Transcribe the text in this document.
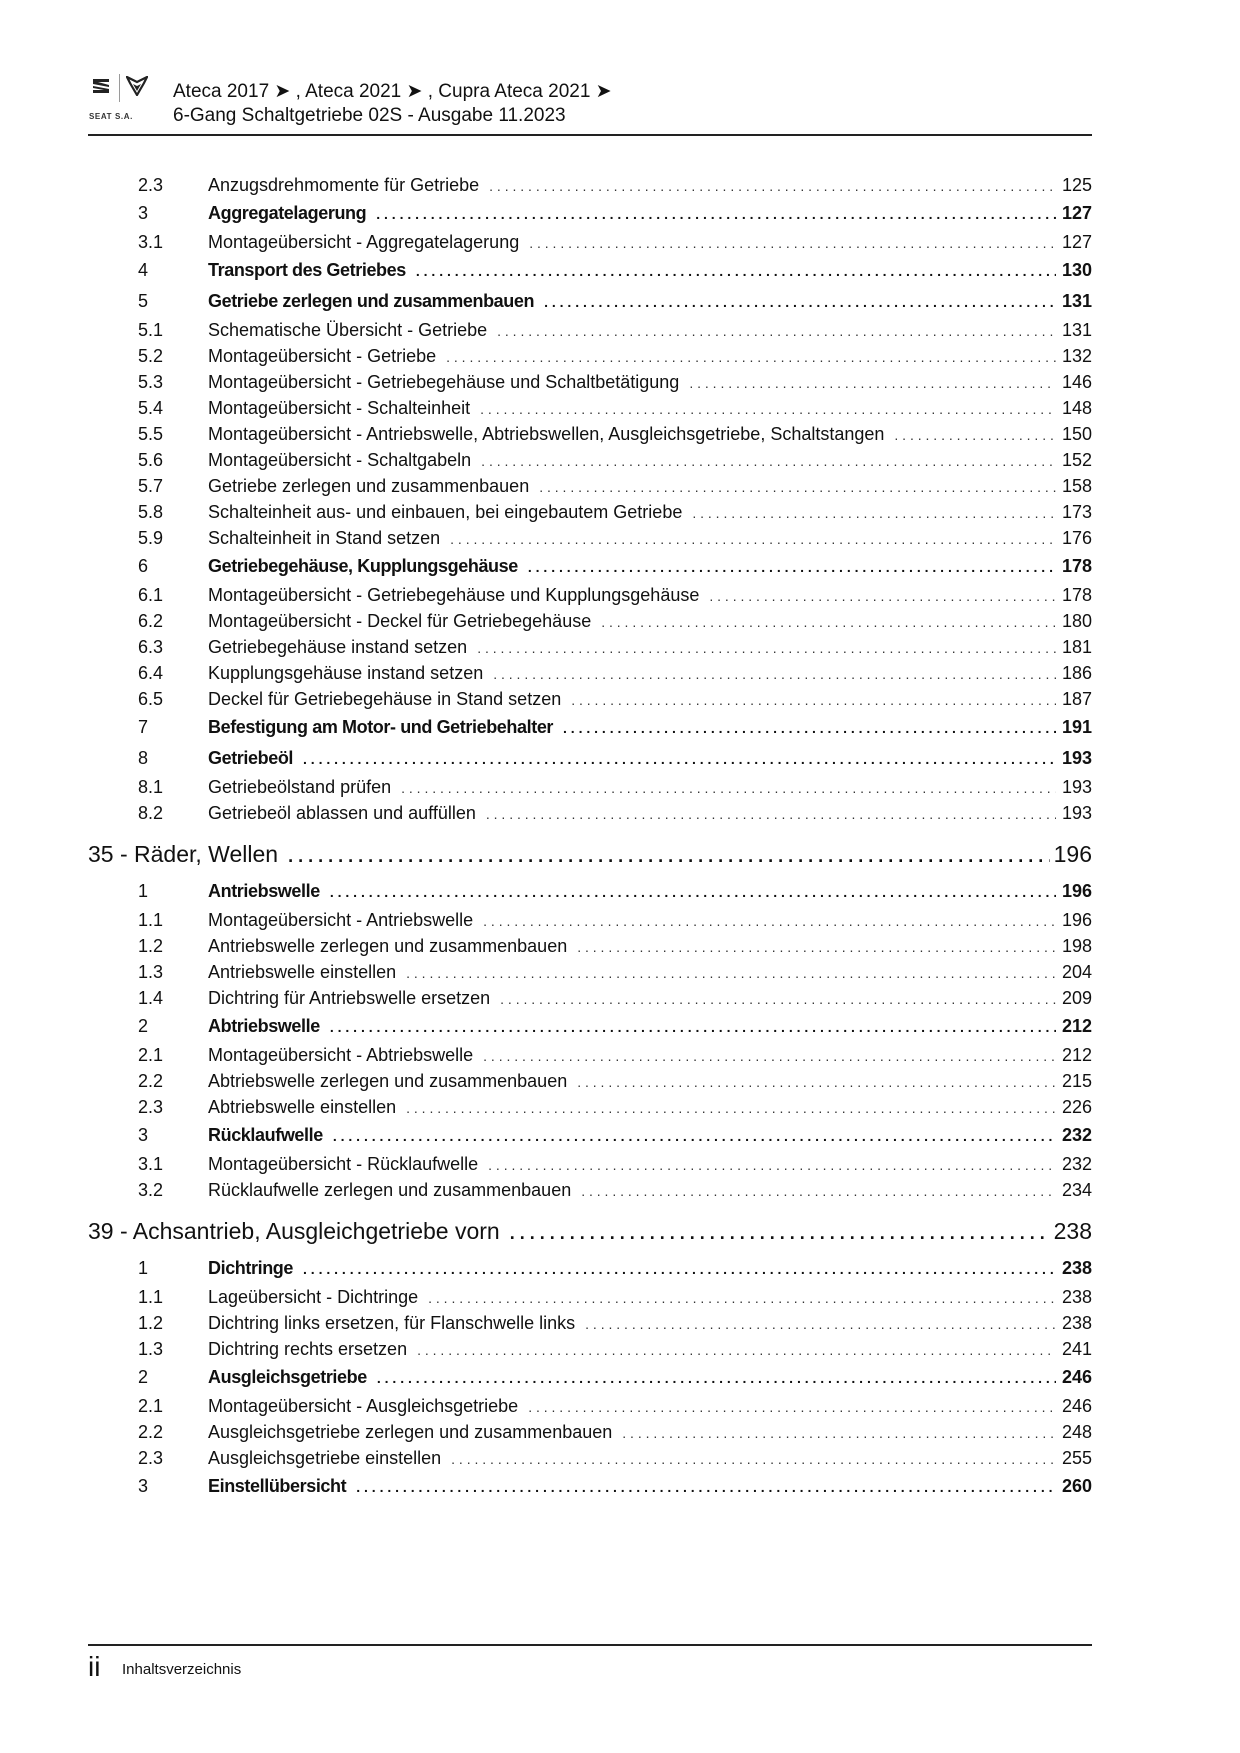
SEAT S.A.
Ateca 2017 ➤ , Ateca 2021 ➤ , Cupra Ateca 2021 ➤
6-Gang Schaltgetriebe 02S - Ausgabe 11.2023
2.3	Anzugsdrehmomente für Getriebe . . .	125
3	Aggregatelagerung . . .	127
3.1	Montageübersicht - Aggregatelagerung . . .	127
4	Transport des Getriebes . . .	130
5	Getriebe zerlegen und zusammenbauen . . .	131
5.1	Schematische Übersicht - Getriebe . . .	131
5.2	Montageübersicht - Getriebe . . .	132
5.3	Montageübersicht - Getriebegehäuse und Schaltbetätigung . . .	146
5.4	Montageübersicht - Schalteinheit . . .	148
5.5	Montageübersicht - Antriebswelle, Abtriebswellen, Ausgleichsgetriebe, Schaltstangen . . .	150
5.6	Montageübersicht - Schaltgabeln . . .	152
5.7	Getriebe zerlegen und zusammenbauen . . .	158
5.8	Schalteinheit aus- und einbauen, bei eingebautem Getriebe . . .	173
5.9	Schalteinheit in Stand setzen . . .	176
6	Getriebegehäuse, Kupplungsgehäuse . . .	178
6.1	Montageübersicht - Getriebegehäuse und Kupplungsgehäuse . . .	178
6.2	Montageübersicht - Deckel für Getriebegehäuse . . .	180
6.3	Getriebegehäuse instand setzen . . .	181
6.4	Kupplungsgehäuse instand setzen . . .	186
6.5	Deckel für Getriebegehäuse in Stand setzen . . .	187
7	Befestigung am Motor- und Getriebehalter . . .	191
8	Getriebeöl . . .	193
8.1	Getriebeölstand prüfen . . .	193
8.2	Getriebeöl ablassen und auffüllen . . .	193
35 - Räder, Wellen . . .	196
1	Antriebswelle . . .	196
1.1	Montageübersicht - Antriebswelle . . .	196
1.2	Antriebswelle zerlegen und zusammenbauen . . .	198
1.3	Antriebswelle einstellen . . .	204
1.4	Dichtring für Antriebswelle ersetzen . . .	209
2	Abtriebswelle . . .	212
2.1	Montageübersicht - Abtriebswelle . . .	212
2.2	Abtriebswelle zerlegen und zusammenbauen . . .	215
2.3	Abtriebswelle einstellen . . .	226
3	Rücklaufwelle . . .	232
3.1	Montageübersicht - Rücklaufwelle . . .	232
3.2	Rücklaufwelle zerlegen und zusammenbauen . . .	234
39 - Achsantrieb, Ausgleichgetriebe vorn . . .	238
1	Dichtringe . . .	238
1.1	Lageübersicht - Dichtringe . . .	238
1.2	Dichtring links ersetzen, für Flanschwelle links . . .	238
1.3	Dichtring rechts ersetzen . . .	241
2	Ausgleichsgetriebe . . .	246
2.1	Montageübersicht - Ausgleichsgetriebe . . .	246
2.2	Ausgleichsgetriebe zerlegen und zusammenbauen . . .	248
2.3	Ausgleichsgetriebe einstellen . . .	255
3	Einstellübersicht . . .	260
ii Inhaltsverzeichnis
